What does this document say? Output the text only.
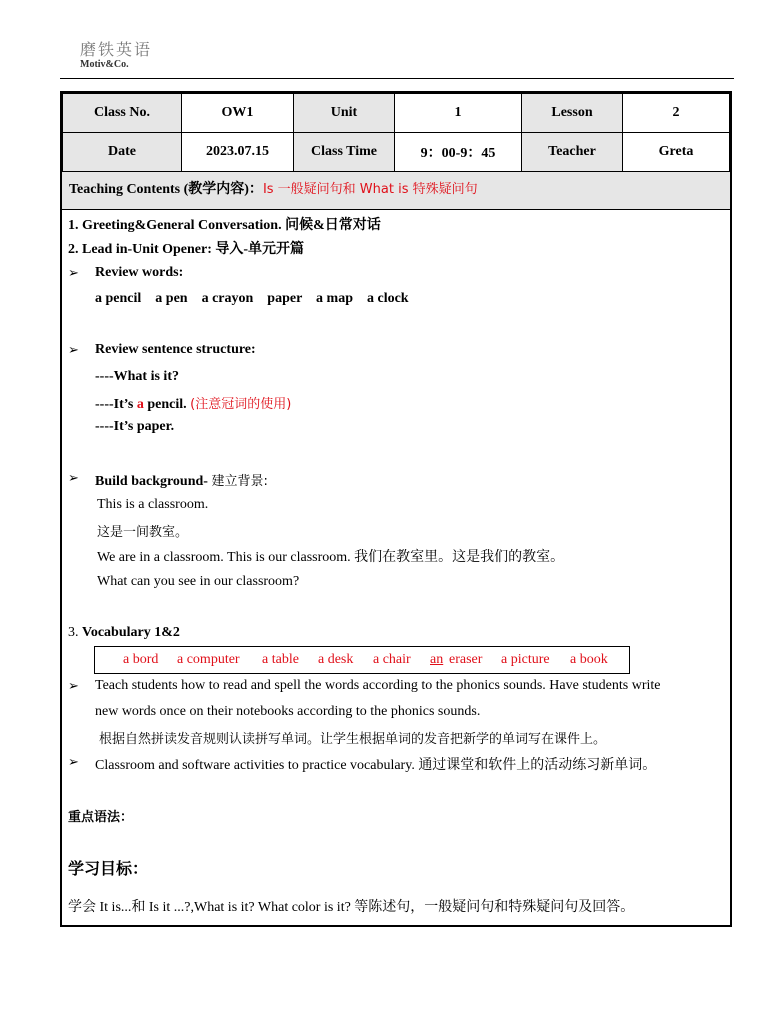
磨铁英语
Motiv&Co.
Class No.	OW1	Unit	1	Lesson	2
Date	2023.07.15	Class Time	9：00-9：45	Teacher	Greta
Teaching Contents (教学内容)：Is 一般疑问句和 What is 特殊疑问句
1. Greeting&General Conversation. 问候&日常对话
2. Lead in-Unit Opener: 导入-单元开篇
➢ Review words:
a pencil    a pen    a crayon    paper    a map    a clock
➢ Review sentence structure:
----What is it?
----It’s a pencil. (注意冠词的使用)
----It’s paper.
➢ Build background- 建立背景:
This is a classroom.
这是一间教室。
We are in a classroom. This is our classroom. 我们在教室里。这是我们的教室。
What can you see in our classroom?
3. Vocabulary 1&2
a bord a computer a table a desk a chair an eraser a picture a book
➢ Teach students how to read and spell the words according to the phonics sounds. Have students write
new words once on their notebooks according to the phonics sounds.
根据自然拼读发音规则认读拼写单词。让学生根据单词的发音把新学的单词写在课件上。
➢ Classroom and software activities to practice vocabulary. 通过课堂和软件上的活动练习新单词。
重点语法：
学习目标：
学会 It is...和 Is it ...?,What is it? What color is it? 等陈述句，一般疑问句和特殊疑问句及回答。
